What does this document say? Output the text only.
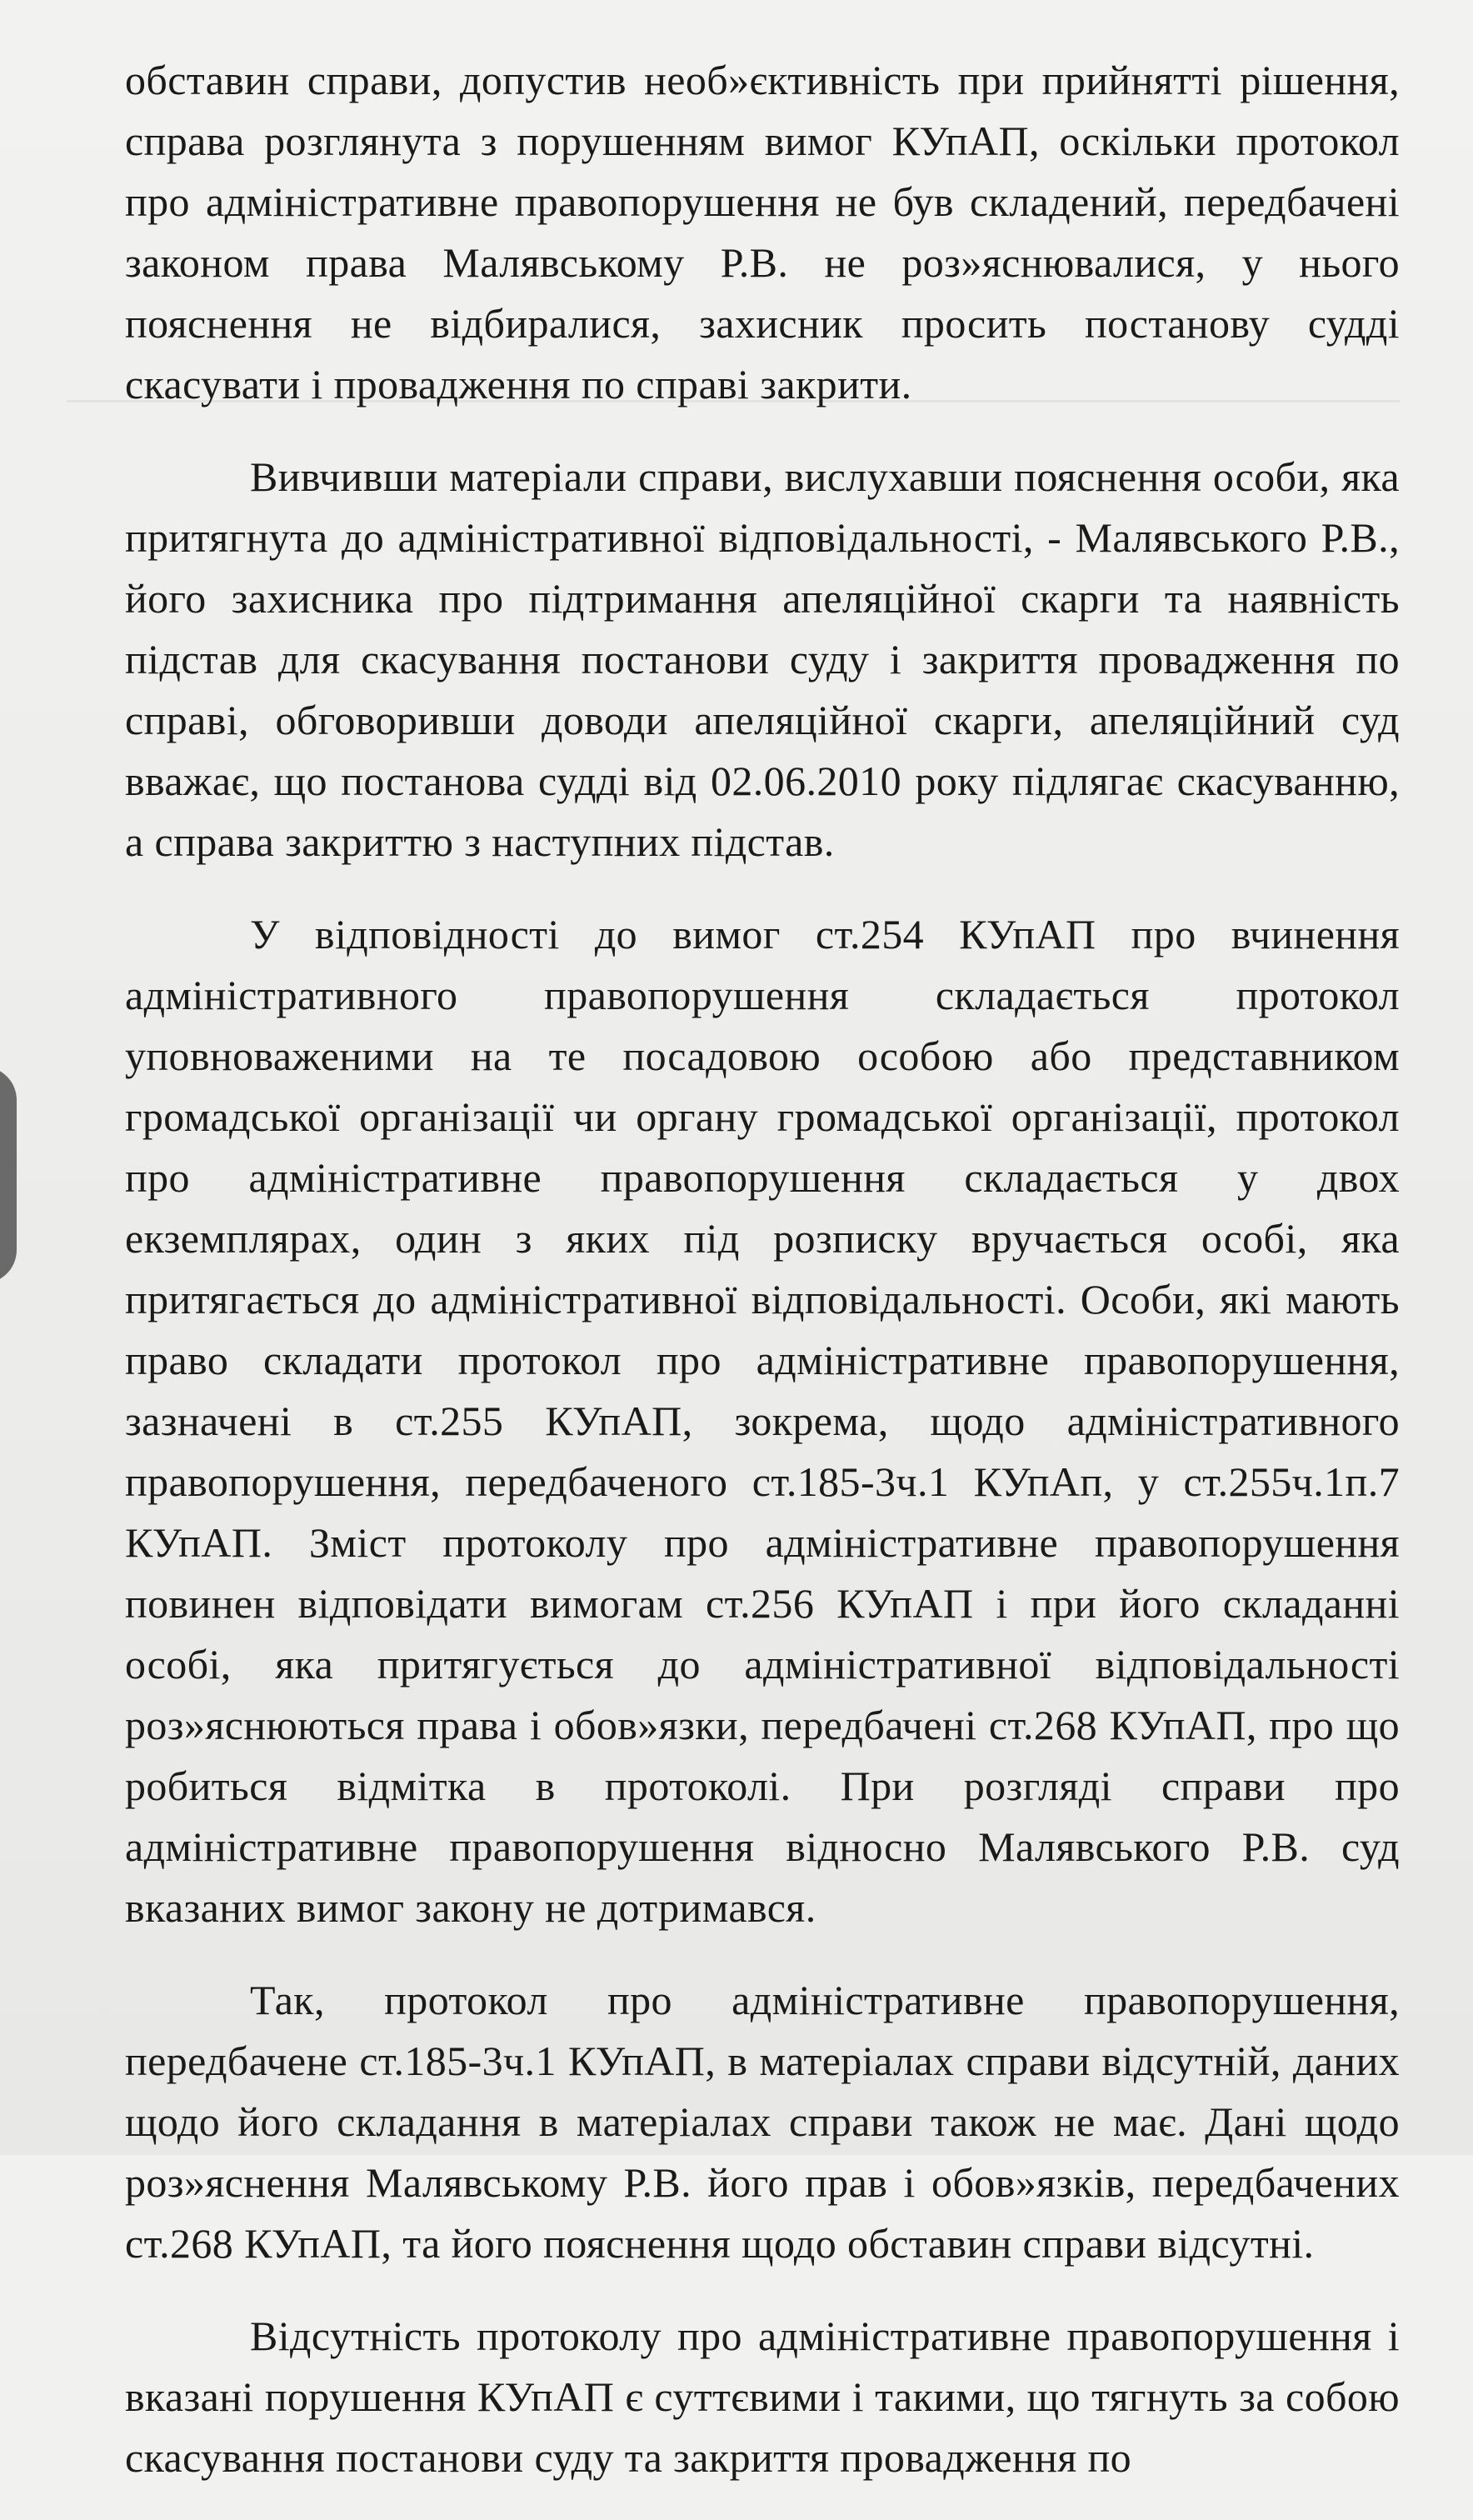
обставин справи, допустив необ»єктивність при прийнятті рішення, справа розглянута з порушенням вимог КУпАП, оскільки протокол про адміністративне правопорушення не був складений, передбачені законом права Малявському Р.В. не роз»яснювалися, у нього пояснення не відбиралися, захисник просить постанову судді скасувати і провадження по справі закрити.

Вивчивши матеріали справи, вислухавши пояснення особи, яка притягнута до адміністративної відповідальності, - Малявського Р.В., його захисника про підтримання апеляційної скарги та наявність підстав для скасування постанови суду і закриття провадження по справі, обговоривши доводи апеляційної скарги, апеляційний суд вважає, що постанова судді від 02.06.2010 року підлягає скасуванню, а справа закриттю з наступних підстав.

У відповідності до вимог ст.254 КУпАП про вчинення адміністративного правопорушення складається протокол уповноваженими на те посадовою особою або представником громадської організації чи органу громадської організації, протокол про адміністративне правопорушення складається у двох екземплярах, один з яких під розписку вручається особі, яка притягається до адміністративної відповідальності. Особи, які мають право складати протокол про адміністративне правопорушення, зазначені в ст.255 КУпАП, зокрема, щодо адміністративного правопорушення, передбаченого ст.185-3ч.1 КУпАп, у ст.255ч.1п.7 КУпАП. Зміст протоколу про адміністративне правопорушення повинен відповідати вимогам ст.256 КУпАП і при його складанні особі, яка притягується до адміністративної відповідальності роз»яснюються права і обов»язки, передбачені ст.268 КУпАП, про що робиться відмітка в протоколі. При розгляді справи про адміністративне правопорушення відносно Малявського Р.В. суд вказаних вимог закону не дотримався.

Так, протокол про адміністративне правопорушення, передбачене ст.185-3ч.1 КУпАП, в матеріалах справи відсутній, даних щодо його складання в матеріалах справи також не має. Дані щодо роз»яснення Малявському Р.В. його прав і обов»язків, передбачених ст.268 КУпАП, та його пояснення щодо обставин справи відсутні.

Відсутність протоколу про адміністративне правопорушення і вказані порушення КУпАП є суттєвими і такими, що тягнуть за собою скасування постанови суду та закриття провадження по
